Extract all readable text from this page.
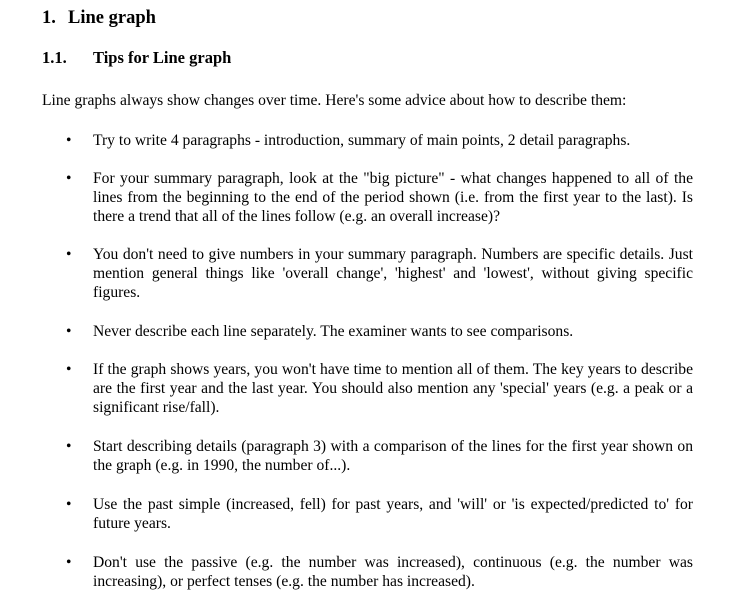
1. Line graph
1.1. Tips for Line graph
Line graphs always show changes over time. Here's some advice about how to describe them:
• Try to write 4 paragraphs - introduction, summary of main points, 2 detail paragraphs.
• For your summary paragraph, look at the "big picture" - what changes happened to all of the lines from the beginning to the end of the period shown (i.e. from the first year to the last). Is there a trend that all of the lines follow (e.g. an overall increase)?
• You don't need to give numbers in your summary paragraph. Numbers are specific details. Just mention general things like 'overall change', 'highest' and 'lowest', without giving specific figures.
• Never describe each line separately. The examiner wants to see comparisons.
• If the graph shows years, you won't have time to mention all of them. The key years to describe are the first year and the last year. You should also mention any 'special' years (e.g. a peak or a significant rise/fall).
• Start describing details (paragraph 3) with a comparison of the lines for the first year shown on the graph (e.g. in 1990, the number of...).
• Use the past simple (increased, fell) for past years, and 'will' or 'is expected/predicted to' for future years.
• Don't use the passive (e.g. the number was increased), continuous (e.g. the number was increasing), or perfect tenses (e.g. the number has increased).
